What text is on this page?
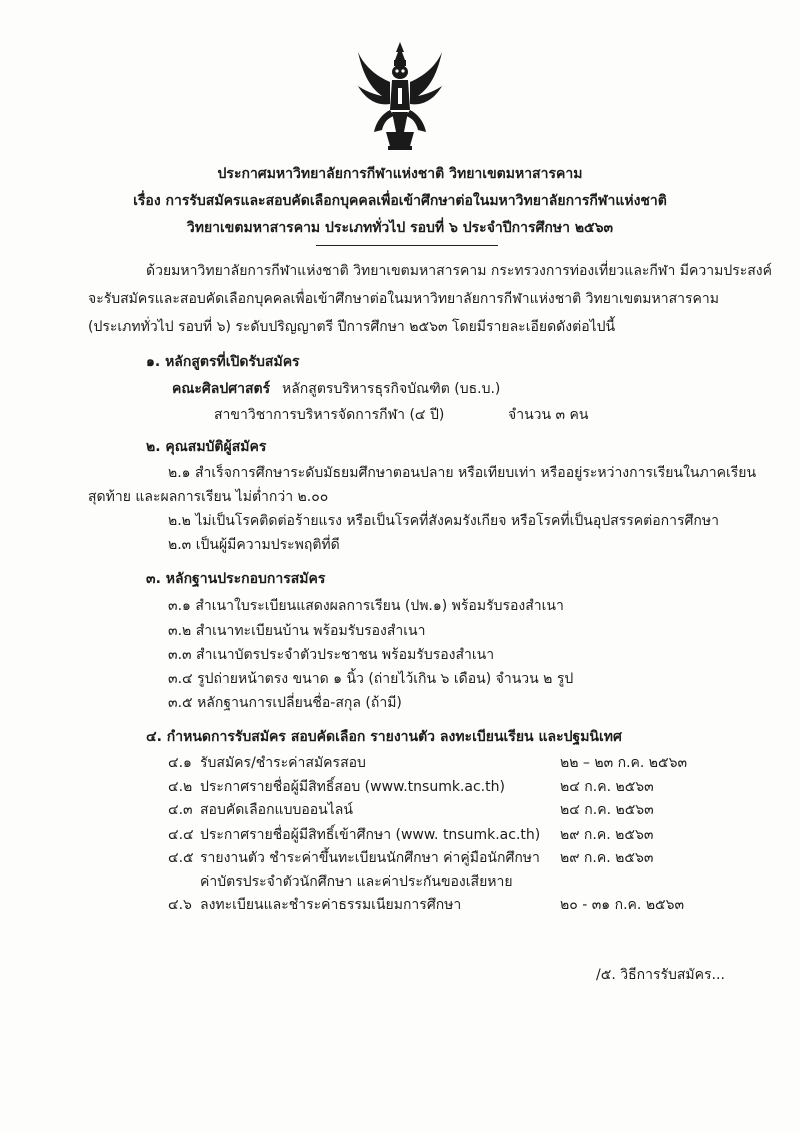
ประกาศมหาวิทยาลัยการกีฬาแห่งชาติ วิทยาเขตมหาสารคาม
เรื่อง การรับสมัครและสอบคัดเลือกบุคคลเพื่อเข้าศึกษาต่อในมหาวิทยาลัยการกีฬาแห่งชาติ
วิทยาเขตมหาสารคาม ประเภททั่วไป รอบที่ ๖ ประจำปีการศึกษา ๒๕๖๓
ด้วยมหาวิทยาลัยการกีฬาแห่งชาติ วิทยาเขตมหาสารคาม กระทรวงการท่องเที่ยวและกีฬา มีความประสงค์
จะรับสมัครและสอบคัดเลือกบุคคลเพื่อเข้าศึกษาต่อในมหาวิทยาลัยการกีฬาแห่งชาติ วิทยาเขตมหาสารคาม
(ประเภททั่วไป รอบที่ ๖) ระดับปริญญาตรี ปีการศึกษา ๒๕๖๓ โดยมีรายละเอียดดังต่อไปนี้
๑. หลักสูตรที่เปิดรับสมัคร
คณะศิลปศาสตร์ หลักสูตรบริหารธุรกิจบัณฑิต (บธ.บ.)
สาขาวิชาการบริหารจัดการกีฬา (๔ ปี)	จำนวน ๓ คน
๒. คุณสมบัติผู้สมัคร
๒.๑ สำเร็จการศึกษาระดับมัธยมศึกษาตอนปลาย หรือเทียบเท่า หรืออยู่ระหว่างการเรียนในภาคเรียน
สุดท้าย และผลการเรียน ไม่ต่ำกว่า ๒.๐๐
๒.๒ ไม่เป็นโรคติดต่อร้ายแรง หรือเป็นโรคที่สังคมรังเกียจ หรือโรคที่เป็นอุปสรรคต่อการศึกษา
๒.๓ เป็นผู้มีความประพฤติที่ดี
๓. หลักฐานประกอบการสมัคร
๓.๑ สำเนาใบระเบียนแสดงผลการเรียน (ปพ.๑) พร้อมรับรองสำเนา
๓.๒ สำเนาทะเบียนบ้าน พร้อมรับรองสำเนา
๓.๓ สำเนาบัตรประจำตัวประชาชน พร้อมรับรองสำเนา
๓.๔ รูปถ่ายหน้าตรง ขนาด ๑ นิ้ว (ถ่ายไว้เกิน ๖ เดือน) จำนวน ๒ รูป
๓.๕ หลักฐานการเปลี่ยนชื่อ-สกุล (ถ้ามี)
๔. กำหนดการรับสมัคร สอบคัดเลือก รายงานตัว ลงทะเบียนเรียน และปฐมนิเทศ
๔.๑ รับสมัคร/ชำระค่าสมัครสอบ	๒๒ – ๒๓ ก.ค. ๒๕๖๓
๔.๒ ประกาศรายชื่อผู้มีสิทธิ์สอบ (www.tnsumk.ac.th)	๒๔ ก.ค. ๒๕๖๓
๔.๓ สอบคัดเลือกแบบออนไลน์	๒๔ ก.ค. ๒๕๖๓
๔.๔ ประกาศรายชื่อผู้มีสิทธิ์เข้าศึกษา (www. tnsumk.ac.th) ๒๙ ก.ค. ๒๕๖๓
๔.๕ รายงานตัว ชำระค่าขึ้นทะเบียนนักศึกษา ค่าคู่มือนักศึกษา ๒๙ ก.ค. ๒๕๖๓
ค่าบัตรประจำตัวนักศึกษา และค่าประกันของเสียหาย
๔.๖ ลงทะเบียนและชำระค่าธรรมเนียมการศึกษา	๒๐ - ๓๑ ก.ค. ๒๕๖๓
/๕. วิธีการรับสมัคร...
